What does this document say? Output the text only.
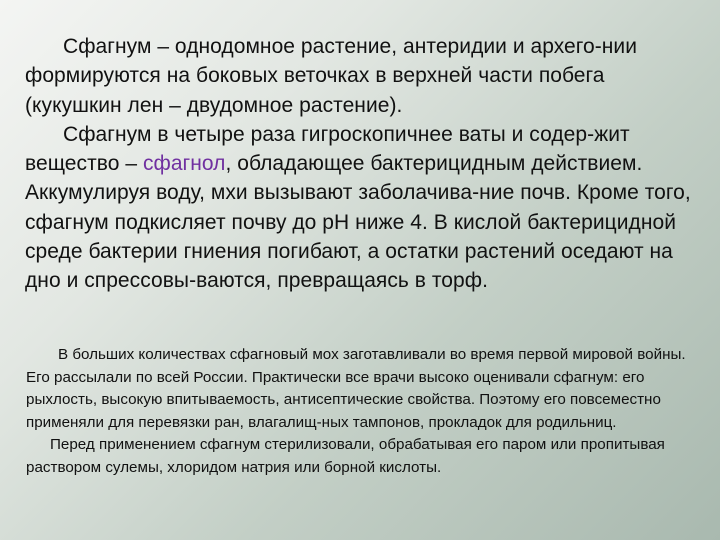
Сфагнум – однодомное растение, антеридии и архего-нии формируются на боковых веточках в верхней части побега (кукушкин лен – двудомное растение).

Сфагнум в четыре раза гигроскопичнее ваты и содер-жит вещество – сфагнол, обладающее бактерицидным действием. Аккумулируя воду, мхи вызывают заболачива-ние почв. Кроме того, сфагнум подкисляет почву до рН ниже 4. В кислой бактерицидной среде бактерии гниения погибают, а остатки растений оседают на дно и спрессовы-ваются, превращаясь в торф.

В больших количествах сфагновый мох заготавливали во время первой мировой войны. Его рассылали по всей России. Практически все врачи высоко оценивали сфагнум: его рыхлость, высокую впитываемость, антисептические свойства. Поэтому его повсеместно применяли для перевязки ран, влагалищ-ных тампонов, прокладок для родильниц.

Перед применением сфагнум стерилизовали, обрабатывая его паром или пропитывая раствором сулемы, хлоридом натрия или борной кислоты.
